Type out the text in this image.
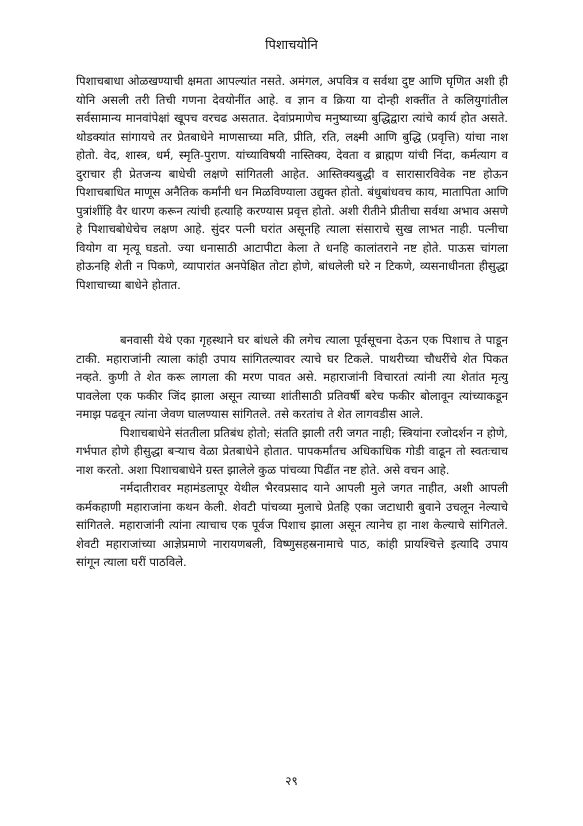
पिशाचयोनि

पिशाचबाधा ओळखण्याची क्षमता आपल्यांत नसते. अमंगल, अपवित्र व सर्वथा दुष्ट आणि घृणित अशी ही योनि असली तरी तिची गणना देवयोनींत आहे. व ज्ञान व क्रिया या दोन्ही शक्तींत ते कलियुगांतील सर्वसामान्य मानवांपेक्षां खूपच वरचढ असतात. देवांप्रमाणेच मनुष्याच्या बुद्धिद्वारा त्यांचे कार्य होत असते. थोडक्यांत सांगायचे तर प्रेतबाधेने माणसाच्या मति, प्रीति, रति, लक्ष्मी आणि बुद्धि (प्रवृत्ति) यांचा नाश होतो. वेद, शास्त्र, धर्म, स्मृति-पुराण. यांच्याविषयी नास्तिक्य, देवता व ब्राह्मण यांची निंदा, कर्मत्याग व दुराचार ही प्रेतजन्य बाधेची लक्षणे सांगितली आहेत. आस्तिक्यबुद्धी व सारासारविवेक नष्ट होऊन पिशाचबाधित माणूस अनैतिक कर्मांनी धन मिळविण्याला उद्युक्त होतो. बंधुबांधवच काय, मातापिता आणि पुत्रांशींहि वैर धारण करून त्यांची हत्याहि करण्यास प्रवृत्त होतो. अशी रीतीने प्रीतीचा सर्वथा अभाव असणे हे पिशाचबोधेचेच लक्षण आहे. सुंदर पत्नी घरांत असूनहि त्याला संसाराचे सुख लाभत नाही. पत्नीचा वियोग वा मृत्यू घडतो. ज्या धनासाठी आटापीटा केला ते धनहि कालांतराने नष्ट होते. पाऊस चांगला होऊनहि शेती न पिकणे, व्यापारांत अनपेक्षित तोटा होणे, बांधलेली घरे न टिकणे, व्यसनाधीनता हीसुद्धा पिशाचाच्या बाधेने होतात.

बनवासी येथे एका गृहस्थाने घर बांधले की लगेच त्याला पूर्वसूचना देऊन एक पिशाच ते पाडून टाकी. महाराजांनी त्याला कांही उपाय सांगितल्यावर त्याचे घर टिकले. पाथरीच्या चौधरींचे शेत पिकत नव्हते. कुणी ते शेत करू लागला की मरण पावत असे. महाराजांनी विचारतां त्यांनी त्या शेतांत मृत्यु पावलेला एक फकीर जिंद झाला असून त्याच्या शांतीसाठी प्रतिवर्षी बरेच फकीर बोलावून त्यांच्याकडून नमाझ पढवून त्यांना जेवण घालण्यास सांगितले. तसे करतांच ते शेत लागवडीस आले.

पिशाचबाधेने संततीला प्रतिबंध होतो; संतति झाली तरी जगत नाही; स्त्रियांना रजोदर्शन न होणे, गर्भपात होणे हीसुद्धा बऱ्याच वेळा प्रेतबाधेने होतात. पापकर्मांतच अधिकाधिक गोडी वाढून तो स्वतःचाच नाश करतो. अशा पिशाचबाधेने ग्रस्त झालेले कुळ पांचव्या पिढींत नष्ट होते. असे वचन आहे.

नर्मदातीरावर महामंडलापूर येथील भैरवप्रसाद याने आपली मुले जगत नाहीत, अशी आपली कर्मकहाणी महाराजांना कथन केली. शेवटी पांचव्या मुलाचे प्रेतहि एका जटाधारी बुवाने उचलून नेल्याचे सांगितले. महाराजांनी त्यांना त्याचाच एक पूर्वज पिशाच झाला असून त्यानेच हा नाश केल्याचे सांगितले. शेवटी महाराजांच्या आज्ञेप्रमाणे नारायणबली, विष्णुसहस्रनामाचे पाठ, कांही प्रायश्चित्ते इत्यादि उपाय सांगून त्याला घरीं पाठविले.

२९
